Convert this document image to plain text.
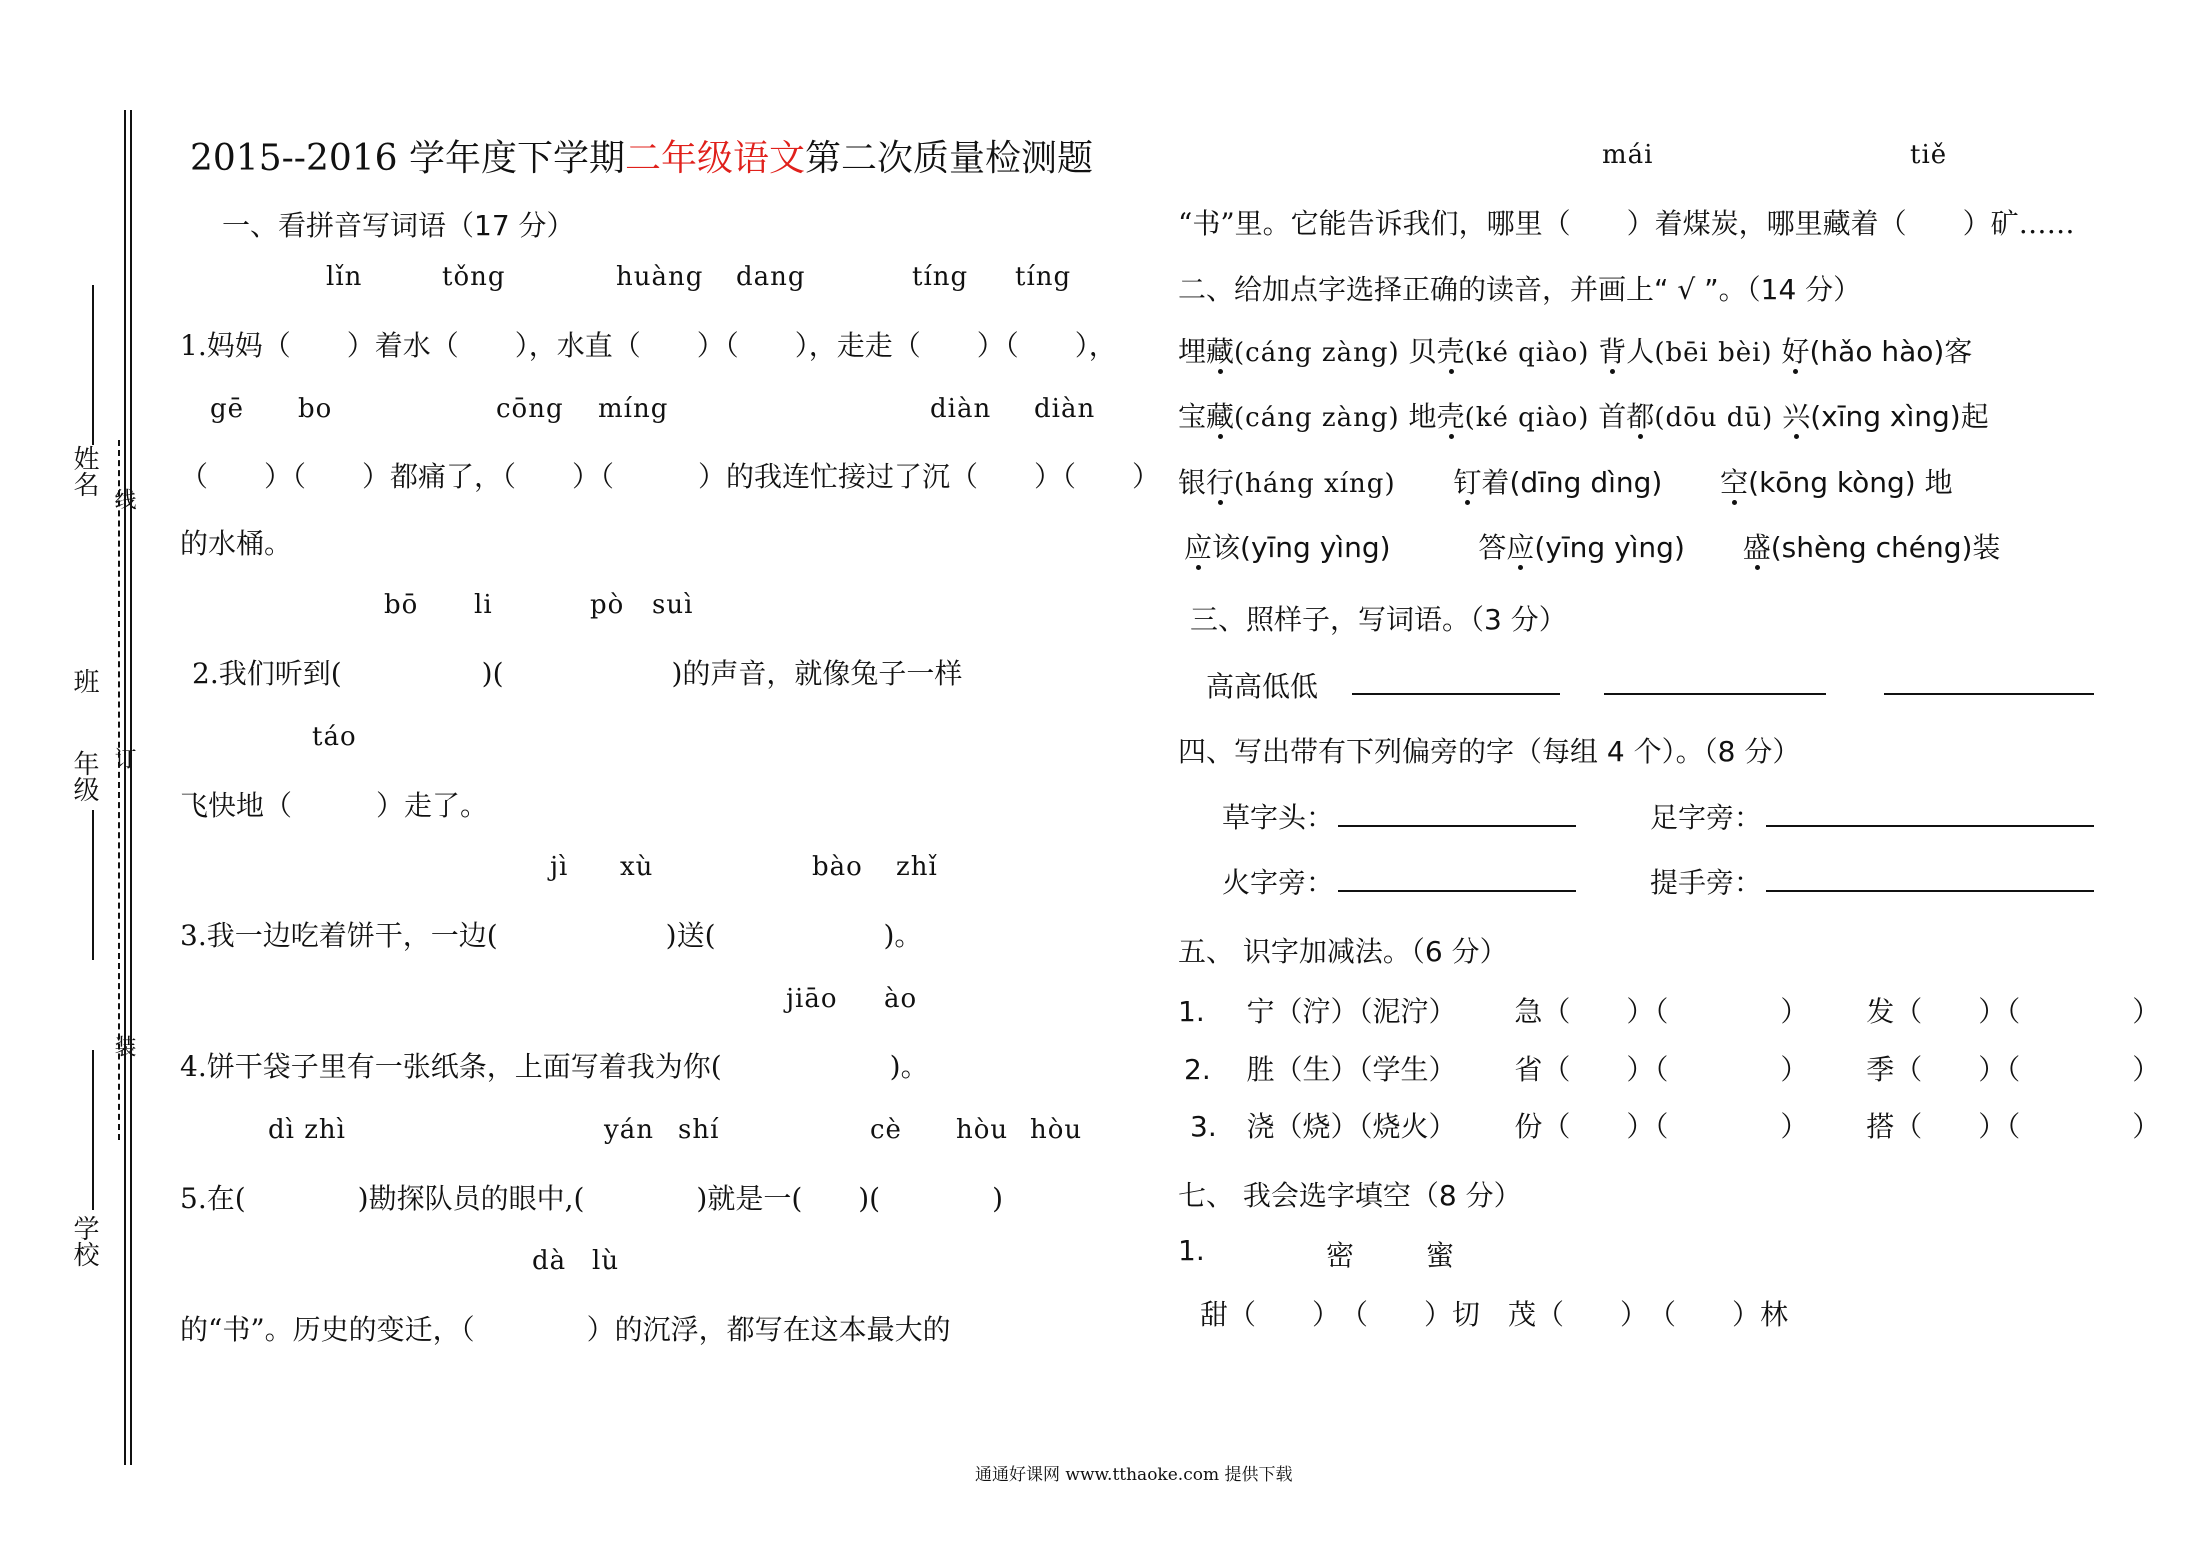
姓名
班
年级
学校
线
订
装
2015--2016 学年度下学期二年级语文第二次质量检测题
一、看拼音写词语（17 分）
lǐn	tǒng	huàng dang	tíng tíng
1.妈妈（　　）着水（　　），水直（　　）（　　），走走（　　）（　　），
gē bo	cōng míng	diàn diàn
（　　）（　　）都痛了，（　　）（　　　）的我连忙接过了沉（　　）（　　）
的水桶。
bō li	pò suì
2.我们听到(　　　　　)(　　　　　　)的声音，就像兔子一样
táo
飞快地（　　　）走了。
jì xù	bào zhǐ
3.我一边吃着饼干，一边(　　　　　　)送(　　　　　　)。
jiāo ào
4.饼干袋子里有一张纸条，上面写着我为你(　　　　　　)。
dì zhì	yán shí	cè hòu hòu
5.在(　　　　)勘探队员的眼中,(　　　　)就是一(　　)(　　　　)
dà lù
的“书”。历史的变迁，（　　　　）的沉浮，都写在这本最大的
mái	tiě
“书”里。它能告诉我们，哪里（　　）着煤炭，哪里藏着（　　）矿……
二、给加点字选择正确的读音，并画上“ √ ”。（14 分）
埋藏(cáng zàng) 贝壳(ké qiào) 背人(bēi bèi) 好(hǎo hào)客
宝藏(cáng zàng) 地壳(ké qiào) 首都(dōu dū) 兴(xīng xìng)起
银行(háng xíng) 钉着(dīng dìng) 空(kōng kòng) 地
应该(yīng yìng)	答应(yīng yìng) 盛(shèng chéng)装
三、照样子，写词语。（3 分）
高高低低
四、写出带有下列偏旁的字（每组 4 个）。（8 分）
草字头：	足字旁：
火字旁：	提手旁：
五、 识字加减法。（6 分）
1. 宁（泞）（泥泞） 急（　　）（　　　　） 发（　　）（　　　　）
2. 胜（生）（学生） 省（　　）（　　　　） 季（　　）（　　　　）
3. 浇（烧）（烧火） 份（　　）（　　　　） 搭（　　）（　　　　）
七、 我会选字填空（8 分）
1.	密	蜜
甜（　　）　（　　）切　茂（　　）　（　　）林
通通好课网 www.tthaoke.com 提供下载
